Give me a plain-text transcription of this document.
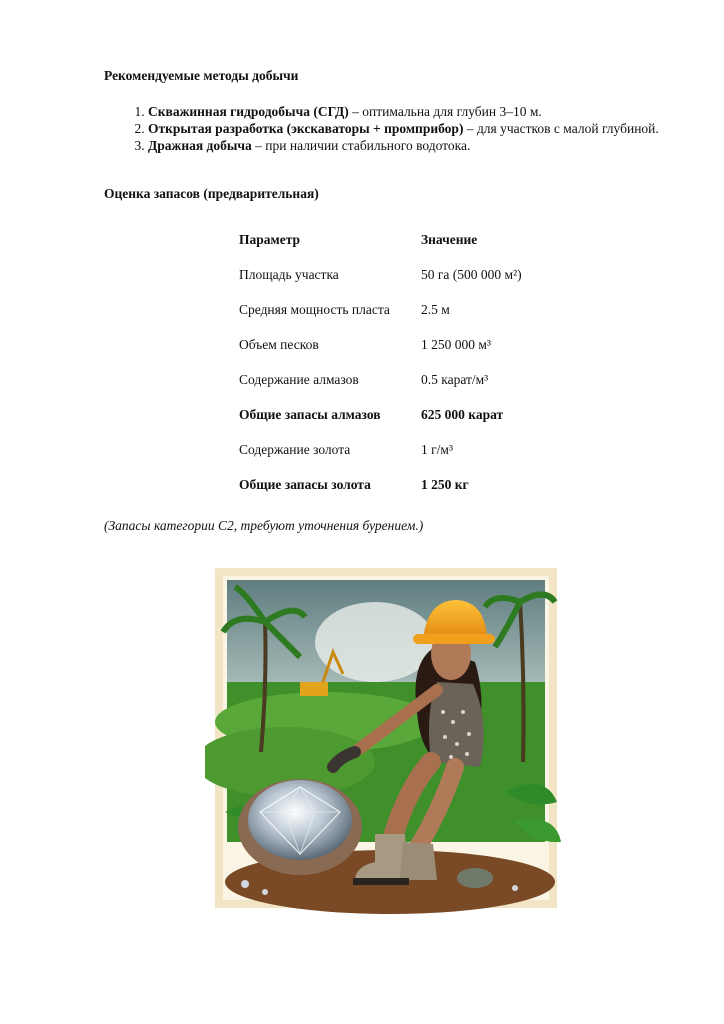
Рекомендуемые методы добычи

1. Скважинная гидродобыча (СГД) – оптимальна для глубин 3–10 м.
2. Открытая разработка (экскаваторы + промприбор) – для участков с малой глубиной.
3. Дражная добыча – при наличии стабильного водотока.

Оценка запасов (предварительная)

Параметр	Значение
Площадь участка	50 га (500 000 м²)
Средняя мощность пласта	2.5 м
Объем песков	1 250 000 м³
Содержание алмазов	0.5 карат/м³
Общие запасы алмазов	625 000 карат
Содержание золота	1 г/м³
Общие запасы золота	1 250 кг

(Запасы категории C2, требуют уточнения бурением.)
